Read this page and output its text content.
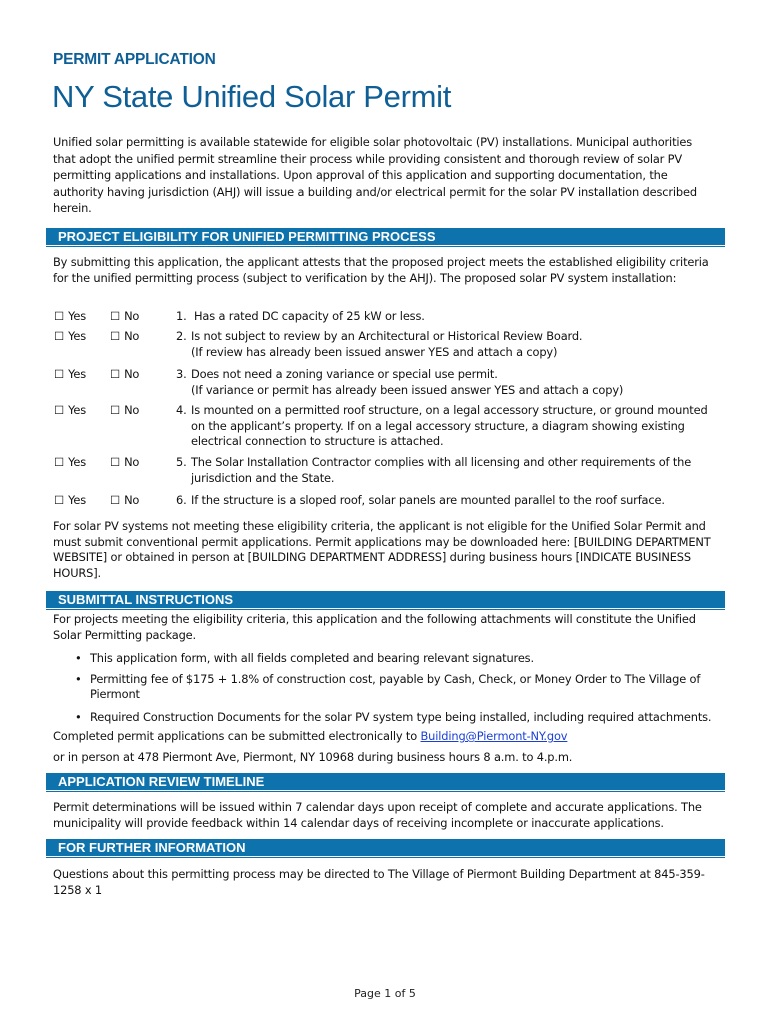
PERMIT APPLICATION
NY State Unified Solar Permit

Unified solar permitting is available statewide for eligible solar photovoltaic (PV) installations. Municipal authorities that adopt the unified permit streamline their process while providing consistent and thorough review of solar PV permitting applications and installations. Upon approval of this application and supporting documentation, the authority having jurisdiction (AHJ) will issue a building and/or electrical permit for the solar PV installation described herein.

PROJECT ELIGIBILITY FOR UNIFIED PERMITTING PROCESS

By submitting this application, the applicant attests that the proposed project meets the established eligibility criteria for the unified permitting process (subject to verification by the AHJ). The proposed solar PV system installation:

☐ Yes ☐ No	1. Has a rated DC capacity of 25 kW or less.
☐ Yes ☐ No	2. Is not subject to review by an Architectural or Historical Review Board.
(If review has already been issued answer YES and attach a copy)
☐ Yes ☐ No	3. Does not need a zoning variance or special use permit.
(If variance or permit has already been issued answer YES and attach a copy)
☐ Yes ☐ No	4. Is mounted on a permitted roof structure, on a legal accessory structure, or ground mounted on the applicant’s property. If on a legal accessory structure, a diagram showing existing electrical connection to structure is attached.
☐ Yes ☐ No	5. The Solar Installation Contractor complies with all licensing and other requirements of the jurisdiction and the State.
☐ Yes ☐ No	6. If the structure is a sloped roof, solar panels are mounted parallel to the roof surface.

For solar PV systems not meeting these eligibility criteria, the applicant is not eligible for the Unified Solar Permit and must submit conventional permit applications. Permit applications may be downloaded here: [BUILDING DEPARTMENT WEBSITE] or obtained in person at [BUILDING DEPARTMENT ADDRESS] during business hours [INDICATE BUSINESS HOURS].

SUBMITTAL INSTRUCTIONS

For projects meeting the eligibility criteria, this application and the following attachments will constitute the Unified Solar Permitting package.

• This application form, with all fields completed and bearing relevant signatures.
• Permitting fee of $175 + 1.8% of construction cost, payable by Cash, Check, or Money Order to The Village of Piermont
• Required Construction Documents for the solar PV system type being installed, including required attachments.

Completed permit applications can be submitted electronically to Building@Piermont-NY.gov

or in person at 478 Piermont Ave, Piermont, NY 10968 during business hours 8 a.m. to 4.p.m.

APPLICATION REVIEW TIMELINE

Permit determinations will be issued within 7 calendar days upon receipt of complete and accurate applications. The municipality will provide feedback within 14 calendar days of receiving incomplete or inaccurate applications.

FOR FURTHER INFORMATION

Questions about this permitting process may be directed to The Village of Piermont Building Department at 845-359-1258 x 1

Page 1 of 5
